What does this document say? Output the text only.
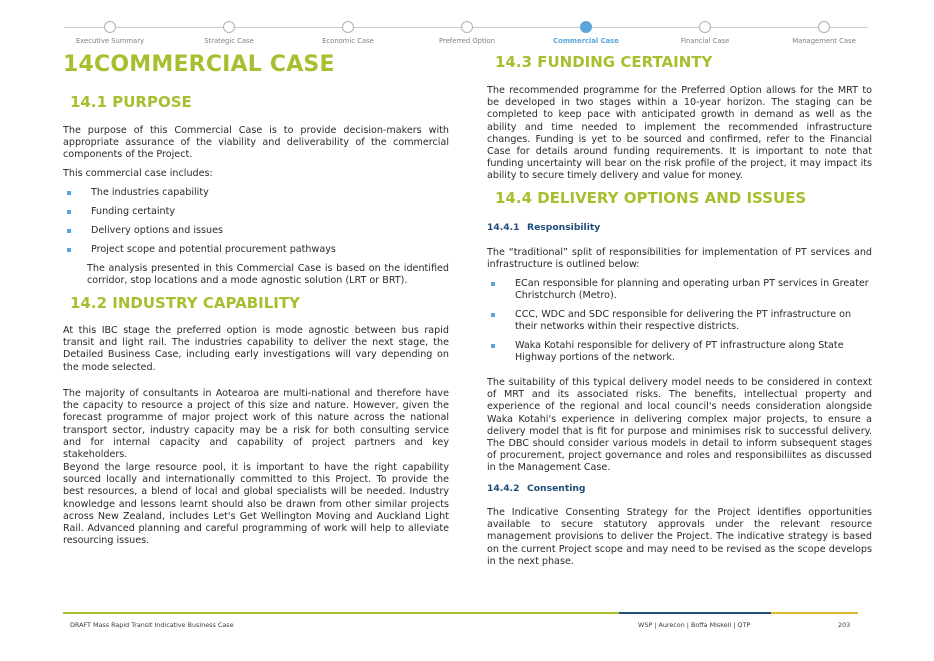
Executive Summary	Strategic Case	Economic Case	Preferred Option	Commercial Case	Financial Case	Management Case
14COMMERCIAL CASE
14.1 PURPOSE
The purpose of this Commercial Case is to provide decision-makers with appropriate assurance of the viability and deliverability of the commercial components of the Project.
This commercial case includes:
The industries capability
Funding certainty
Delivery options and issues
Project scope and potential procurement pathways
The analysis presented in this Commercial Case is based on the identified corridor, stop locations and a mode agnostic solution (LRT or BRT).
14.2 INDUSTRY CAPABILITY
At this IBC stage the preferred option is mode agnostic between bus rapid transit and light rail. The industries capability to deliver the next stage, the Detailed Business Case, including early investigations will vary depending on the mode selected.
The majority of consultants in Aotearoa are multi-national and therefore have the capacity to resource a project of this size and nature. However, given the forecast programme of major project work of this nature across the national transport sector, industry capacity may be a risk for both consulting service and for internal capacity and capability of project partners and key stakeholders.
Beyond the large resource pool, it is important to have the right capability sourced locally and internationally committed to this Project. To provide the best resources, a blend of local and global specialists will be needed. Industry knowledge and lessons learnt should also be drawn from other similar projects across New Zealand, includes Let's Get Wellington Moving and Auckland Light Rail. Advanced planning and careful programming of work will help to alleviate resourcing issues.
14.3 FUNDING CERTAINTY
The recommended programme for the Preferred Option allows for the MRT to be developed in two stages within a 10-year horizon. The staging can be completed to keep pace with anticipated growth in demand as well as the ability and time needed to implement the recommended infrastructure changes. Funding is yet to be sourced and confirmed, refer to the Financial Case for details around funding requirements. It is important to note that funding uncertainty will bear on the risk profile of the project, it may impact its ability to secure timely delivery and value for money.
14.4 DELIVERY OPTIONS AND ISSUES
14.4.1 Responsibility
The “traditional” split of responsibilities for implementation of PT services and infrastructure is outlined below:
ECan responsible for planning and operating urban PT services in Greater Christchurch (Metro).
CCC, WDC and SDC responsible for delivering the PT infrastructure on their networks within their respective districts.
Waka Kotahi responsible for delivery of PT infrastructure along State Highway portions of the network.
The suitability of this typical delivery model needs to be considered in context of MRT and its associated risks. The benefits, intellectual property and experience of the regional and local council's needs consideration alongside Waka Kotahi's experience in delivering complex major projects, to ensure a delivery model that is fit for purpose and minimises risk to successful delivery. The DBC should consider various models in detail to inform subsequent stages of procurement, project governance and roles and responsibiliites as discussed in the Management Case.
14.4.2 Consenting
The Indicative Consenting Strategy for the Project identifies opportunities available to secure statutory approvals under the relevant resource management provisions to deliver the Project. The indicative strategy is based on the current Project scope and may need to be revised as the scope develops in the next phase.
DRAFT Mass Rapid Transit Indicative Business Case	WSP | Aurecon | Boffa Miskell | QTP	203
